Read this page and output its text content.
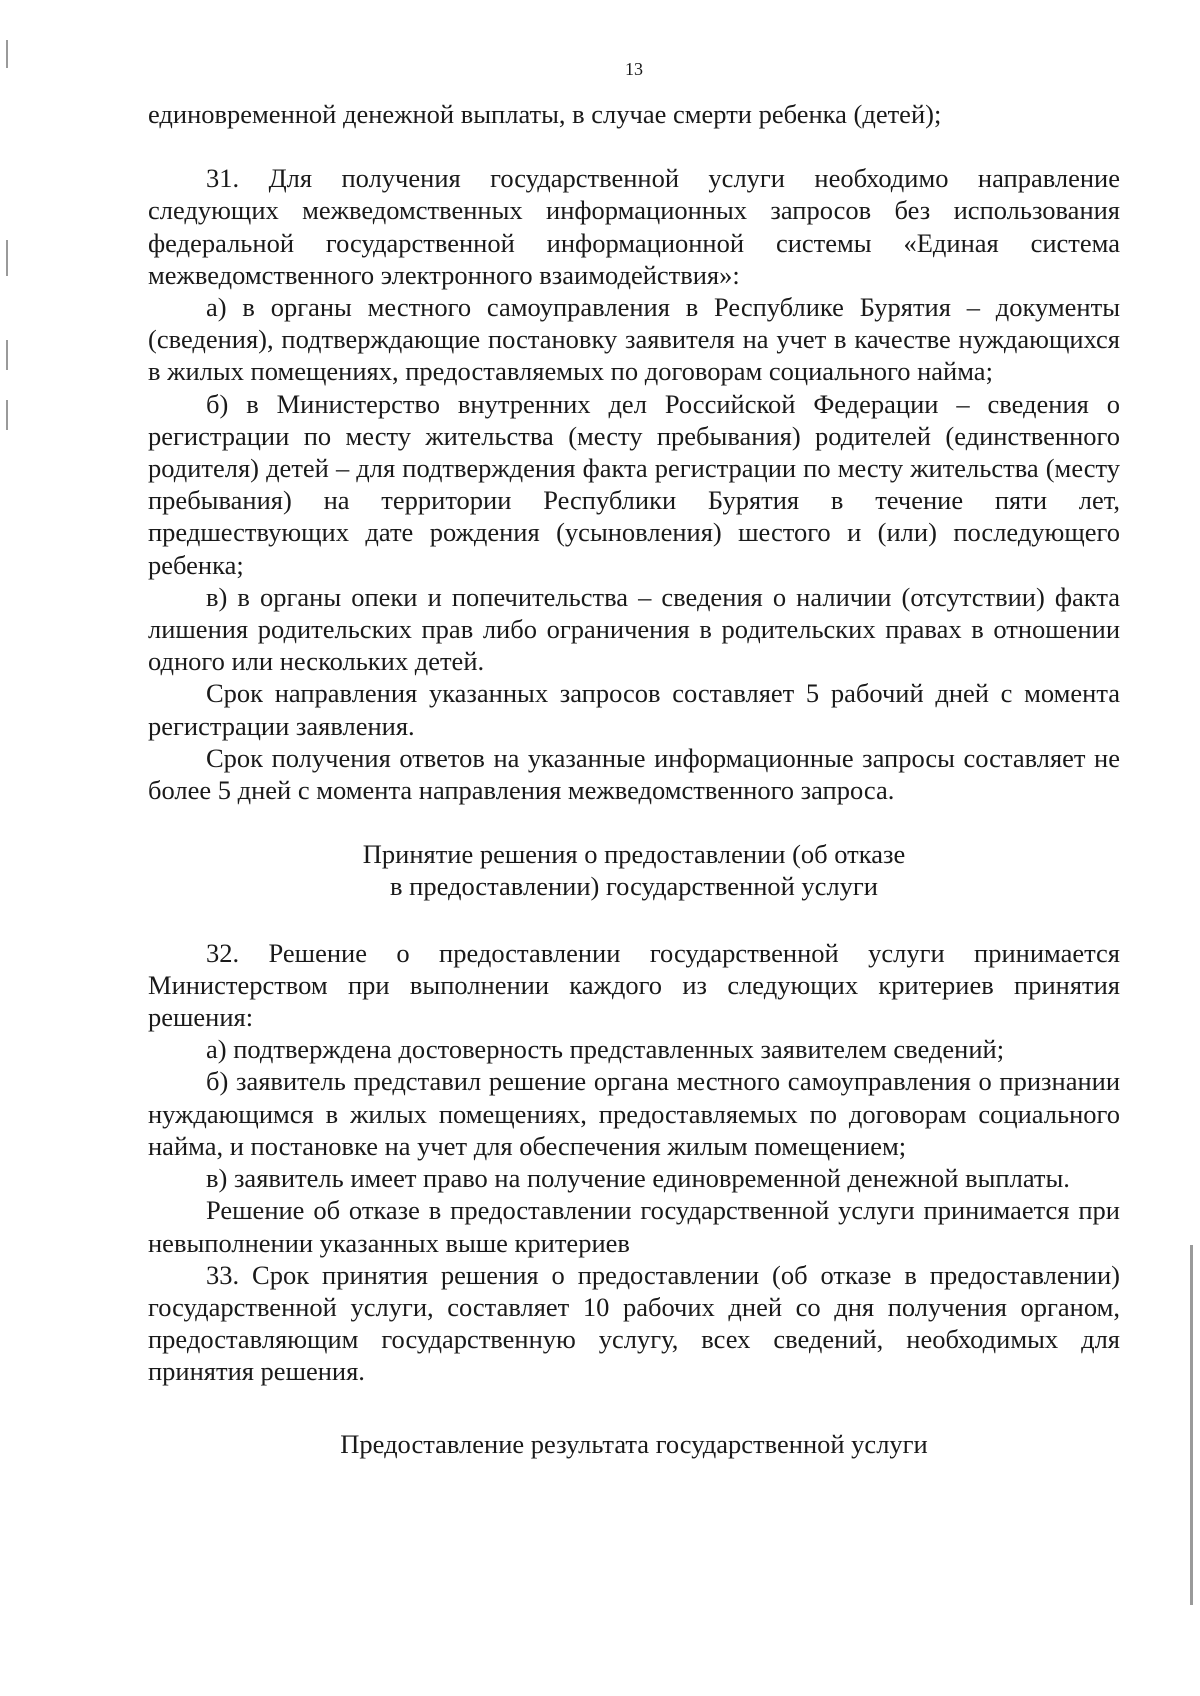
13

единовременной денежной выплаты, в случае смерти ребенка (детей);

31. Для получения государственной услуги необходимо направление следующих межведомственных информационных запросов без использования федеральной государственной информационной системы «Единая система межведомственного электронного взаимодействия»:

а) в органы местного самоуправления в Республике Бурятия – документы (сведения), подтверждающие постановку заявителя на учет в качестве нуждающихся в жилых помещениях, предоставляемых по договорам социального найма;

б) в Министерство внутренних дел Российской Федерации – сведения о регистрации по месту жительства (месту пребывания) родителей (единственного родителя) детей – для подтверждения факта регистрации по месту жительства (месту пребывания) на территории Республики Бурятия в течение пяти лет, предшествующих дате рождения (усыновления) шестого и (или) последующего ребенка;

в) в органы опеки и попечительства – сведения о наличии (отсутствии) факта лишения родительских прав либо ограничения в родительских правах в отношении одного или нескольких детей.

Срок направления указанных запросов составляет 5 рабочий дней с момента регистрации заявления.

Срок получения ответов на указанные информационные запросы составляет не более 5 дней с момента направления межведомственного запроса.

Принятие решения о предоставлении (об отказе
в предоставлении) государственной услуги

32. Решение о предоставлении государственной услуги принимается Министерством при выполнении каждого из следующих критериев принятия решения:

а) подтверждена достоверность представленных заявителем сведений;

б) заявитель представил решение органа местного самоуправления о признании нуждающимся в жилых помещениях, предоставляемых по договорам социального найма, и постановке на учет для обеспечения жилым помещением;

в) заявитель имеет право на получение единовременной денежной выплаты.

Решение об отказе в предоставлении государственной услуги принимается при невыполнении указанных выше критериев

33. Срок принятия решения о предоставлении (об отказе в предоставлении) государственной услуги, составляет 10 рабочих дней со дня получения органом, предоставляющим государственную услугу, всех сведений, необходимых для принятия решения.

Предоставление результата государственной услуги
